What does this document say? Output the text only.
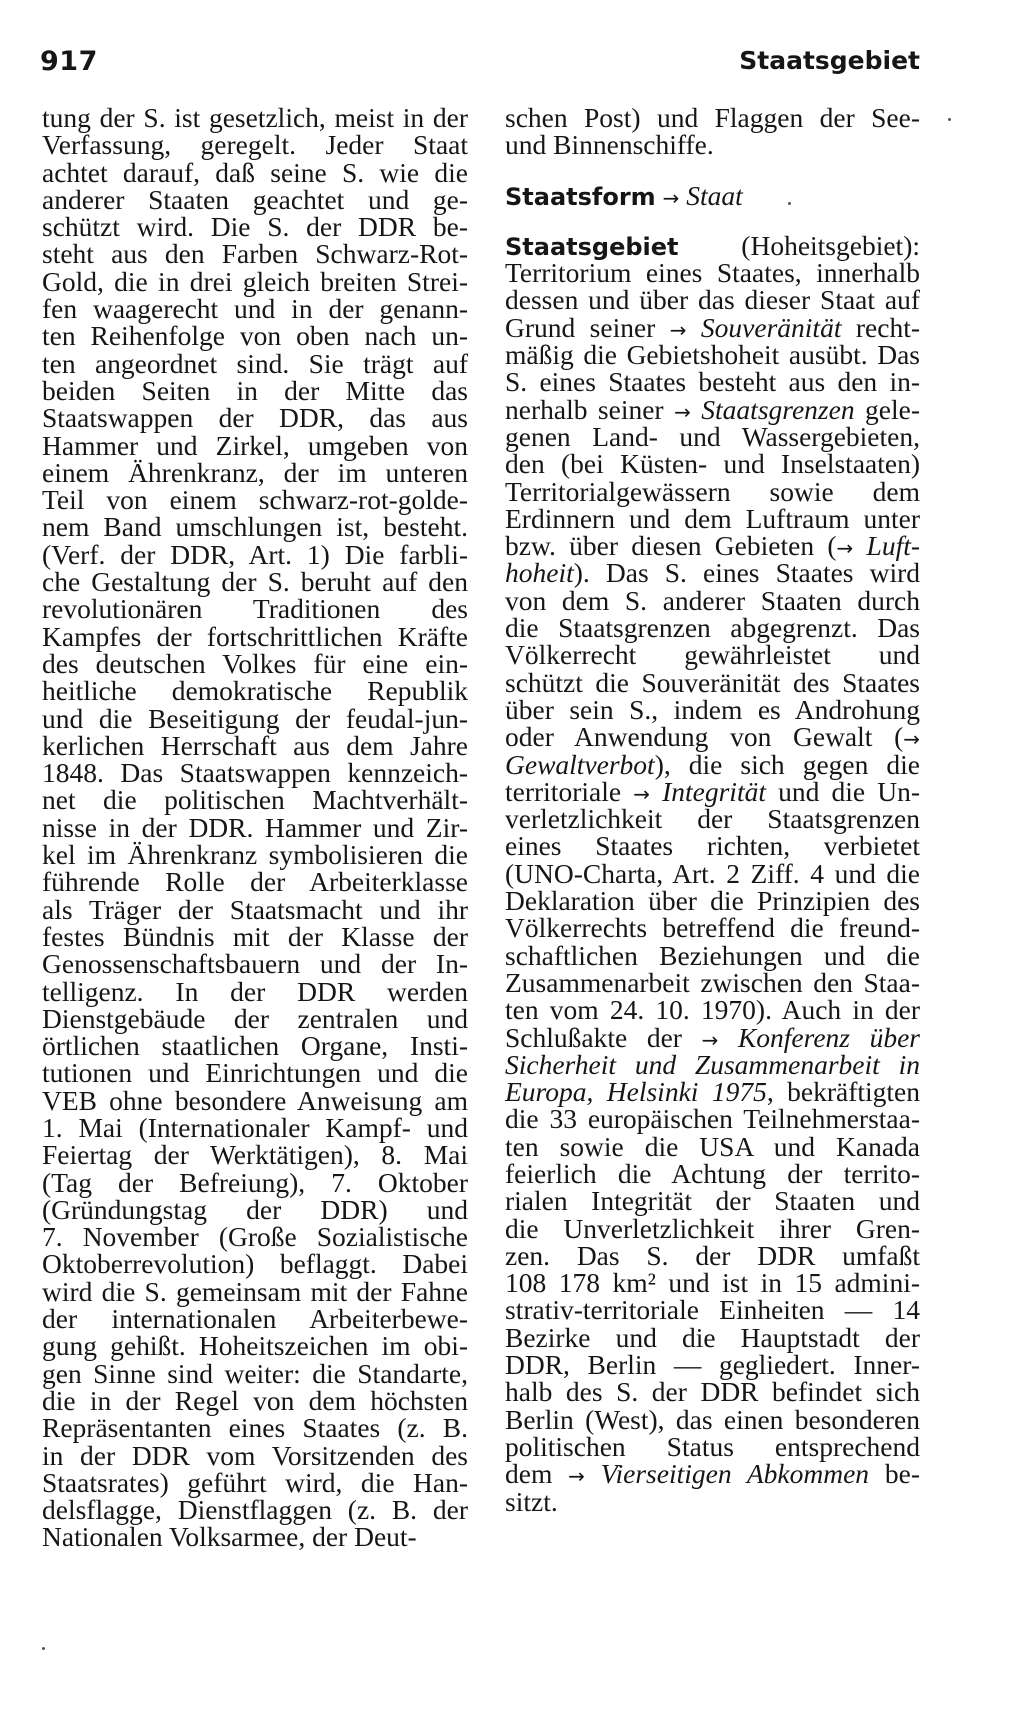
917	Staatsgebiet
tung der S. ist gesetzlich, meist in der
Verfassung, geregelt. Jeder Staat
achtet darauf, daß seine S. wie die
anderer Staaten geachtet und ge-
schützt wird. Die S. der DDR be-
steht aus den Farben Schwarz-Rot-
Gold, die in drei gleich breiten Strei-
fen waagerecht und in der genann-
ten Reihenfolge von oben nach un-
ten angeordnet sind. Sie trägt auf
beiden Seiten in der Mitte das
Staatswappen der DDR, das aus
Hammer und Zirkel, umgeben von
einem Ährenkranz, der im unteren
Teil von einem schwarz-rot-golde-
nem Band umschlungen ist, besteht.
(Verf. der DDR, Art. 1) Die farbli-
che Gestaltung der S. beruht auf den
revolutionären Traditionen des
Kampfes der fortschrittlichen Kräfte
des deutschen Volkes für eine ein-
heitliche demokratische Republik
und die Beseitigung der feudal-jun-
kerlichen Herrschaft aus dem Jahre
1848. Das Staatswappen kennzeich-
net die politischen Machtverhält-
nisse in der DDR. Hammer und Zir-
kel im Ährenkranz symbolisieren die
führende Rolle der Arbeiterklasse
als Träger der Staatsmacht und ihr
festes Bündnis mit der Klasse der
Genossenschaftsbauern und der In-
telligenz. In der DDR werden
Dienstgebäude der zentralen und
örtlichen staatlichen Organe, Insti-
tutionen und Einrichtungen und die
VEB ohne besondere Anweisung am
1. Mai (Internationaler Kampf- und
Feiertag der Werktätigen), 8. Mai
(Tag der Befreiung), 7. Oktober
(Gründungstag der DDR) und
7. November (Große Sozialistische
Oktoberrevolution) beflaggt. Dabei
wird die S. gemeinsam mit der Fahne
der internationalen Arbeiterbewe-
gung gehißt. Hoheitszeichen im obi-
gen Sinne sind weiter: die Standarte,
die in der Regel von dem höchsten
Repräsentanten eines Staates (z. B.
in der DDR vom Vorsitzenden des
Staatsrates) geführt wird, die Han-
delsflagge, Dienstflaggen (z. B. der
Nationalen Volksarmee, der Deut-
schen Post) und Flaggen der See-
und Binnenschiffe.
Staatsform → Staat
Staatsgebiet (Hoheitsgebiet):
Territorium eines Staates, innerhalb
dessen und über das dieser Staat auf
Grund seiner → Souveränität recht-
mäßig die Gebietshoheit ausübt. Das
S. eines Staates besteht aus den in-
nerhalb seiner → Staatsgrenzen gele-
genen Land- und Wassergebieten,
den (bei Küsten- und Inselstaaten)
Territorialgewässern sowie dem
Erdinnern und dem Luftraum unter
bzw. über diesen Gebieten (→ Luft-
hoheit). Das S. eines Staates wird
von dem S. anderer Staaten durch
die Staatsgrenzen abgegrenzt. Das
Völkerrecht gewährleistet und
schützt die Souveränität des Staates
über sein S., indem es Androhung
oder Anwendung von Gewalt (→
Gewaltverbot), die sich gegen die
territoriale → Integrität und die Un-
verletzlichkeit der Staatsgrenzen
eines Staates richten, verbietet
(UNO-Charta, Art. 2 Ziff. 4 und die
Deklaration über die Prinzipien des
Völkerrechts betreffend die freund-
schaftlichen Beziehungen und die
Zusammenarbeit zwischen den Staa-
ten vom 24. 10. 1970). Auch in der
Schlußakte der → Konferenz über
Sicherheit und Zusammenarbeit in
Europa, Helsinki 1975, bekräftigten
die 33 europäischen Teilnehmerstaa-
ten sowie die USA und Kanada
feierlich die Achtung der territo-
rialen Integrität der Staaten und
die Unverletzlichkeit ihrer Gren-
zen. Das S. der DDR umfaßt
108 178 km² und ist in 15 admini-
strativ-territoriale Einheiten — 14
Bezirke und die Hauptstadt der
DDR, Berlin — gegliedert. Inner-
halb des S. der DDR befindet sich
Berlin (West), das einen besonderen
politischen Status entsprechend
dem → Vierseitigen Abkommen be-
sitzt.
